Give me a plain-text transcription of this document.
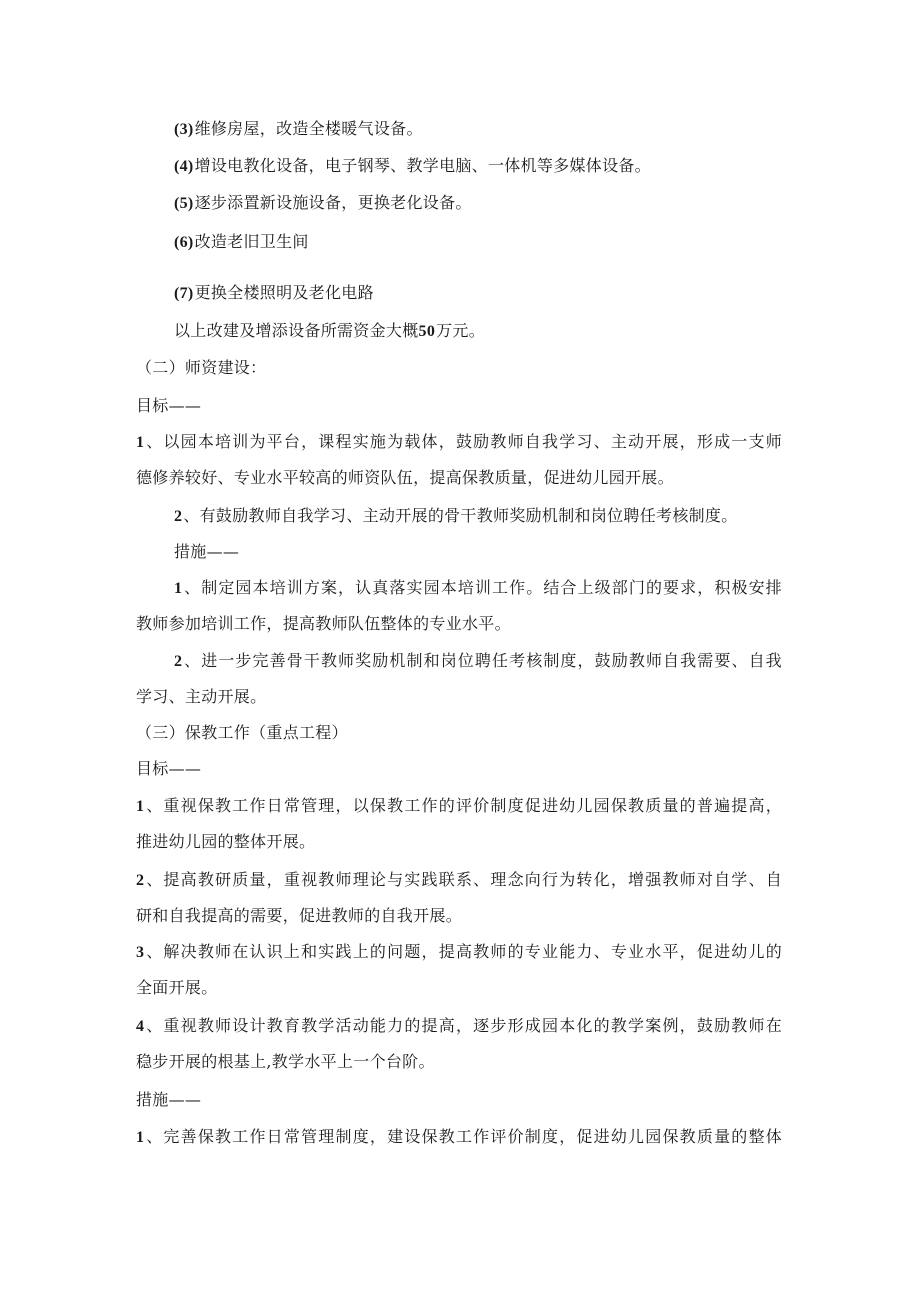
(3)维修房屋，改造全楼暖气设备。
(4)增设电教化设备，电子钢琴、教学电脑、一体机等多媒体设备。
(5)逐步添置新设施设备，更换老化设备。
(6)改造老旧卫生间
(7)更换全楼照明及老化电路
以上改建及增添设备所需资金大概50万元。
（二）师资建设：
目标——
1、以园本培训为平台，课程实施为载体，鼓励教师自我学习、主动开展，形成一支师
德修养较好、专业水平较高的师资队伍，提高保教质量，促进幼儿园开展。
2、有鼓励教师自我学习、主动开展的骨干教师奖励机制和岗位聘任考核制度。
措施——
1、制定园本培训方案，认真落实园本培训工作。结合上级部门的要求，积极安排
教师参加培训工作，提高教师队伍整体的专业水平。
2、进一步完善骨干教师奖励机制和岗位聘任考核制度，鼓励教师自我需要、自我
学习、主动开展。
（三）保教工作（重点工程）
目标——
1、重视保教工作日常管理，以保教工作的评价制度促进幼儿园保教质量的普遍提高，
推进幼儿园的整体开展。
2、提高教研质量，重视教师理论与实践联系、理念向行为转化，增强教师对自学、自
研和自我提高的需要，促进教师的自我开展。
3、解决教师在认识上和实践上的问题，提高教师的专业能力、专业水平，促进幼儿的
全面开展。
4、重视教师设计教育教学活动能力的提高，逐步形成园本化的教学案例，鼓励教师在
稳步开展的根基上,教学水平上一个台阶。
措施——
1、完善保教工作日常管理制度，建设保教工作评价制度，促进幼儿园保教质量的整体
